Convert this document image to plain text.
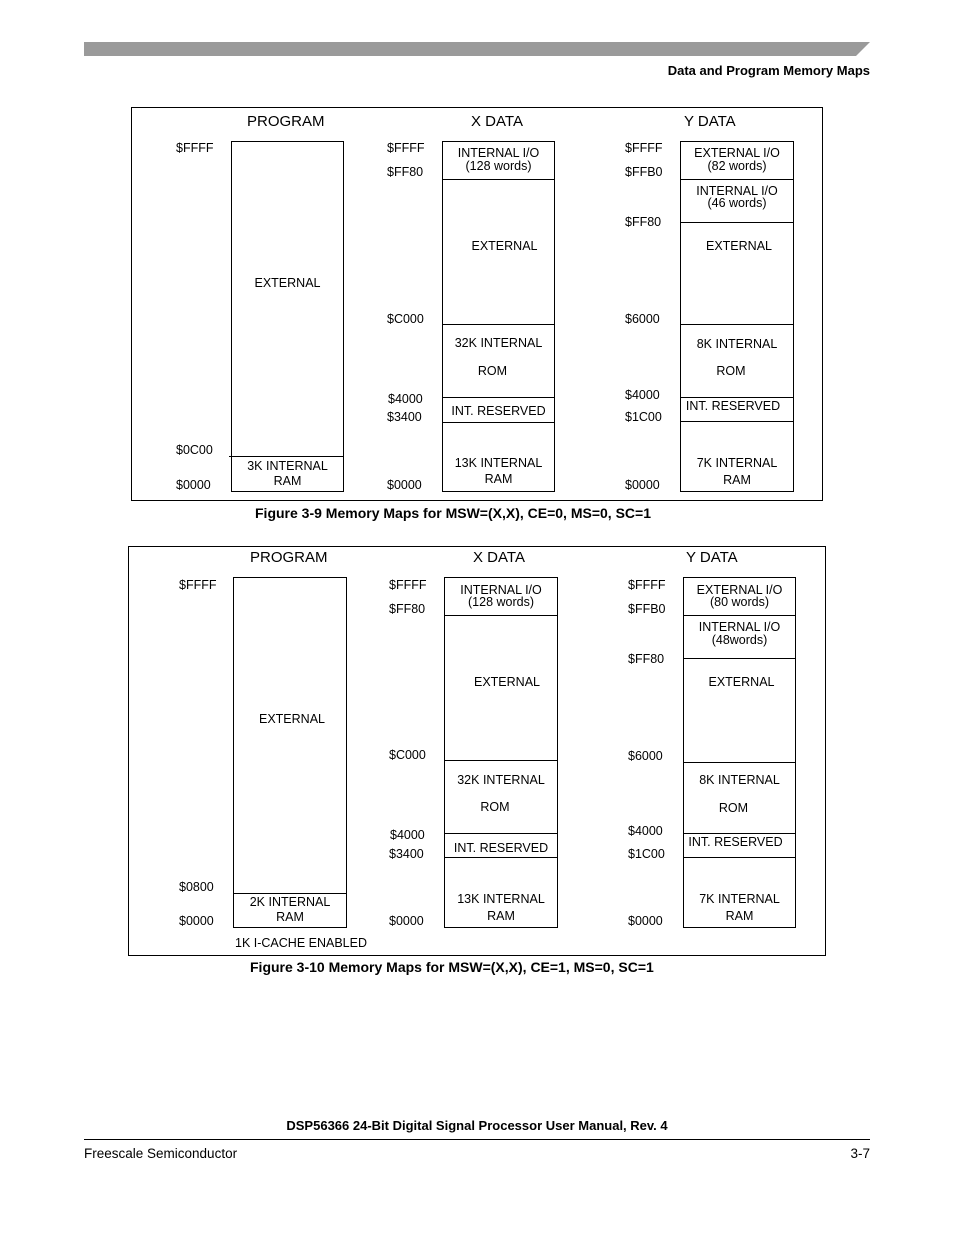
Data and Program Memory Maps
PROGRAM
$FFFF
$0C00
$0000
EXTERNAL
3K INTERNAL
RAM
X DATA
$FFFF
$FF80
$C000
$4000
$3400
$0000
INTERNAL I/O
(128 words)
EXTERNAL
32K INTERNAL
ROM
INT. RESERVED
13K INTERNAL
RAM
Y DATA
$FFFF
$FFB0
$FF80
$6000
$4000
$1C00
$0000
EXTERNAL I/O
(82 words)
INTERNAL I/O
(46 words)
EXTERNAL
8K INTERNAL
ROM
INT. RESERVED
7K INTERNAL
RAM
Figure 3-9 Memory Maps for MSW=(X,X), CE=0, MS=0, SC=1
PROGRAM
$FFFF
$0800
$0000
EXTERNAL
2K INTERNAL
RAM
1K I-CACHE ENABLED
X DATA
$FFFF
$FF80
$C000
$4000
$3400
$0000
INTERNAL I/O
(128 words)
EXTERNAL
32K INTERNAL
ROM
INT. RESERVED
13K INTERNAL
RAM
Y DATA
$FFFF
$FFB0
$FF80
$6000
$4000
$1C00
$0000
EXTERNAL I/O
(80 words)
INTERNAL I/O
(48words)
EXTERNAL
8K INTERNAL
ROM
INT. RESERVED
7K INTERNAL
RAM
Figure 3-10 Memory Maps for MSW=(X,X), CE=1, MS=0, SC=1
DSP56366 24-Bit Digital Signal Processor User Manual, Rev. 4
Freescale Semiconductor	3-7
